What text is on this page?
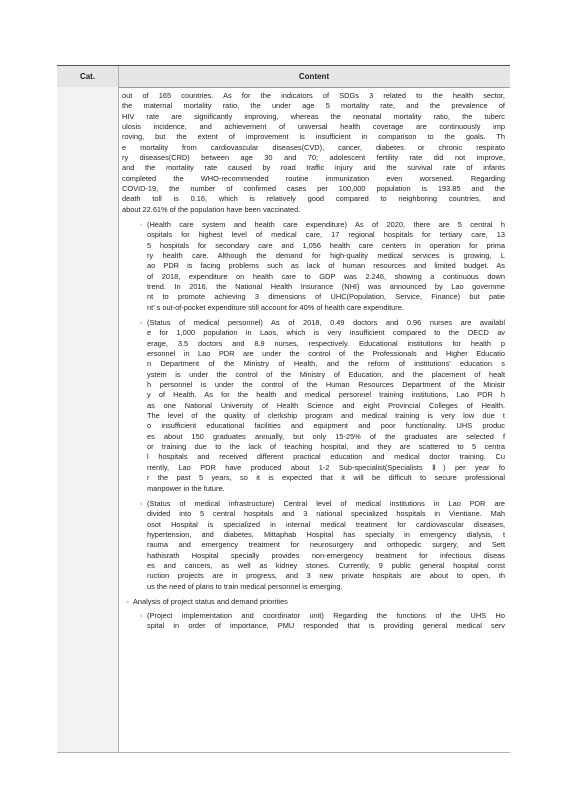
Cat.	Content
out of 165 countries. As for the indicators of SDGs 3 related to the health sector,
the maternal mortality ratio, the under age 5 mortality rate, and the prevalence of
HIV rate are significantly improving, whereas the neonatal mortality ratio, the tuberc
ulosis incidence, and achievement of universal health coverage are continuously imp
roving, but the extent of improvement is insufficient in comparison to the goals. Th
e mortality from cardiovascular diseases(CVD), cancer, diabetes or chronic respirato
ry diseases(CRD) between age 30 and 70; adolescent fertility rate did not improve,
and the mortality rate caused by road traffic injury and the survival rate of infants
completed the WHO-recommended routine immunization even worsened. Regarding
COVID-19, the number of confirmed cases per 100,000 population is 193.85 and the
death toll is 0.16, which is relatively good compared to neighboring countries, and
about 22.61% of the population have been vaccinated.
◦ (Health care system and health care expenditure) As of 2020, there are 5 central h
ospitals for highest level of medical care, 17 regional hospitals for tertiary care, 13
5 hospitals for secondary care and 1,056 health care centers in operation for prima
ry health care. Although the demand for high-quality medical services is growing, L
ao PDR is facing problems such as lack of human resources and limited budget. As
of 2018, expenditure on health care to GDP was 2.246, showing a continuous down
trend. In 2016, the National Health Insurance (NHI) was announced by Lao governme
nt to promote achieving 3 dimensions of UHC(Population, Service, Finance) but patie
nt’ s out-of-pocket expenditure still account for 40% of health care expenditure.
◦ (Status of medical personnel) As of 2018, 0.49 doctors and 0.96 nurses are availabl
e for 1,000 population in Laos, which is very insufficient compared to the OECD av
erage, 3.5 doctors and 8.9 nurses, respectively. Educational institutions for health p
ersonnel in Lao PDR are under the control of the Professionals and Higher Educatio
n Department of the Ministry of Health, and the reform of institutions’ education s
ystem is under the control of the Ministry of Education, and the placement of healt
h personnel is under the control of the Human Resources Department of the Ministr
y of Health. As for the health and medical personnel training institutions, Lao PDR h
as one National University of Health Science and eight Provincial Colleges of Health.
The level of the quality of clerkship program and medical training is very low due t
o insufficient educational facilities and equipment and poor functionality. UHS produc
es about 150 graduates annually, but only 15-25% of the graduates are selected f
or training due to the lack of teaching hospital, and they are scattered to 5 centra
l hospitals and received different practical education and medical doctor training. Cu
rrently, Lao PDR have produced about 1-2 Sub-specialist(Specialists Ⅱ) per year fo
r the past 5 years, so it is expected that it will be difficult to secure professional
manpower in the future.
◦ (Status of medical infrastructure) Central level of medical institutions in Lao PDR are
divided into 5 central hospitals and 3 national specialized hospitals in Vientiane. Mah
osot Hospital is specialized in internal medical treatment for cardiovascular diseases,
hypertension, and diabetes, Mittaphab Hospital has specialty in emergency dialysis, t
rauma and emergency treatment for neurosurgery and orthopedic surgery, and Sett
hathisrath Hospital specially provides non-emergency treatment for infectious diseas
es and cancers, as well as kidney stones. Currently, 9 public general hospital const
ruction projects are in progress, and 3 new private hospitals are about to open, th
us the need of plans to train medical personnel is emerging.
◦ Analysis of project status and demand priorities
◦ (Project implementation and coordinator unit) Regarding the functions of the UHS Ho
spital in order of importance, PMU responded that is providing general medical serv
